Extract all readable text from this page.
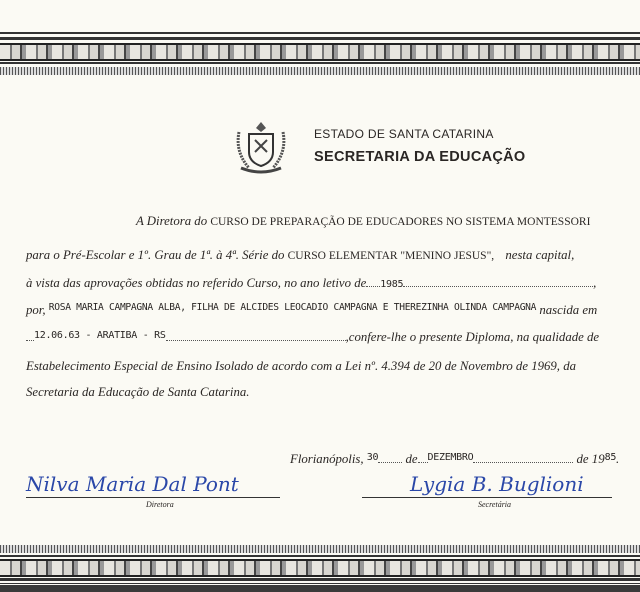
ESTADO DE SANTA CATARINA
SECRETARIA DA EDUCAÇÃO
A Diretora do CURSO DE PREPARAÇÃO DE EDUCADORES NO SISTEMA MONTESSORI
para o Pré-Escolar e 1º. Grau de 1ª. à 4ª. Série do CURSO ELEMENTAR "MENINO JESUS", nesta capital,
à vista das aprovações obtidas no referido Curso, no ano letivo de 1985	,
por, $^{ROSA MARIA CAMPAGNA ALBA, FILHA DE ALCIDES LEOCADIO CAMPAGNA E THEREZINHA OLINDA CAMPAGNA}$ nascida em
$^{12.06.63 - ARATIBA - RS}$	,confere-lhe o presente Diploma, na qualidade de
Estabelecimento Especial de Ensino Isolado de acordo com a Lei nº. 4.394 de 20 de Novembro de 1969, da
Secretaria da Educação de Santa Catarina.
Florianópolis, $^{30}$ de $^{DEZEMBRO}$	de $19^{85}$.
Nilva Maria Dal Pont
Diretora
Lygia B. Buglioni
Secretária
